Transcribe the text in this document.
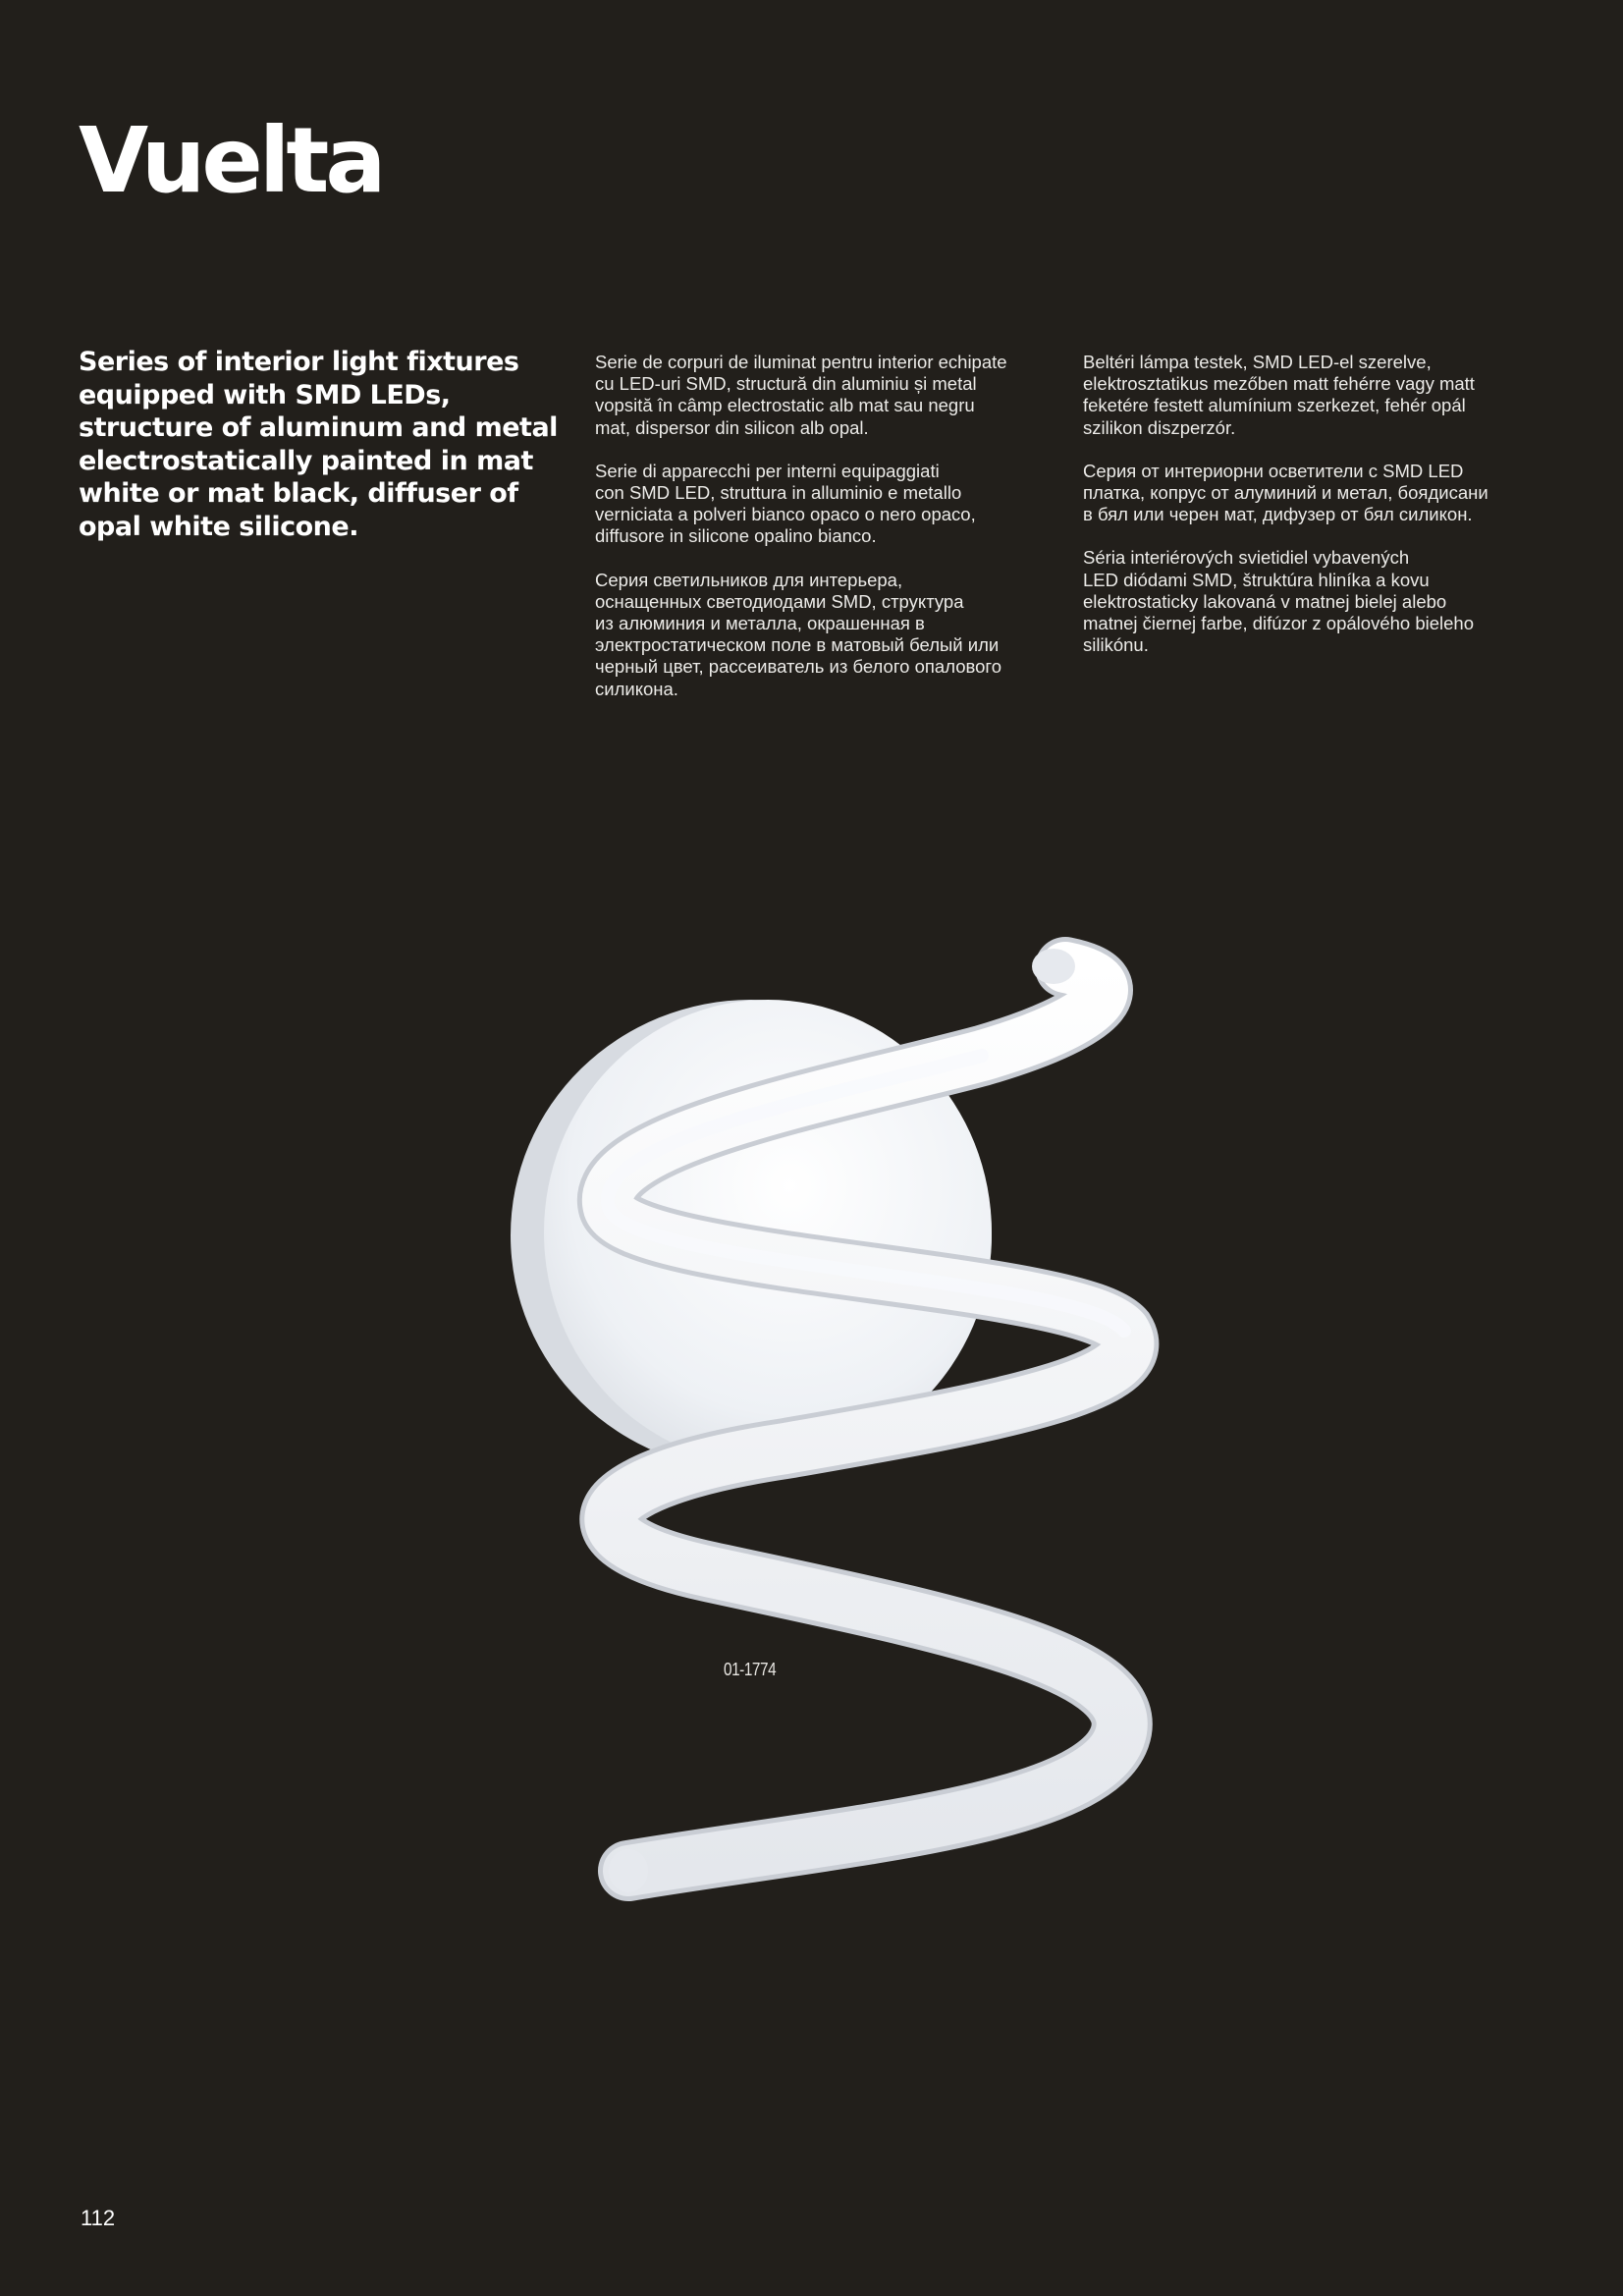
Vuelta
Series of interior light fixtures equipped with SMD LEDs, structure of aluminum and metal electrostatically painted in mat white or mat black, diffuser of opal white silicone.

Serie de corpuri de iluminat pentru interior echipate
cu LED-uri SMD, structură din aluminiu și metal
vopsită în câmp electrostatic alb mat sau negru
mat, dispersor din silicon alb opal.

Serie di apparecchi per interni equipaggiati
con SMD LED, struttura in alluminio e metallo
verniciata a polveri bianco opaco o nero opaco,
diffusore in silicone opalino bianco.

Серия светильников для интерьера,
оснащенных светодиодами SMD, структура
из алюминия и металла, окрашенная в
электростатическом поле в матовый белый или
черный цвет, рассеиватель из белого опалового
силикона.

Beltéri lámpa testek, SMD LED-el szerelve,
elektrosztatikus mezőben matt fehérre vagy matt
feketére festett alumínium szerkezet, fehér opál
szilikon diszperzór.

Серия от интериорни осветители с SMD LED
платка, копрус от алуминий и метал, боядисани
в бял или черен мат, дифузер от бял силикон.

Séria interiérových svietidiel vybavených
LED diódami SMD, štruktúra hliníka a kovu
elektrostaticky lakovaná v matnej bielej alebo
matnej čiernej farbe, difúzor z opálového bieleho
silikónu.

01-1774
112
